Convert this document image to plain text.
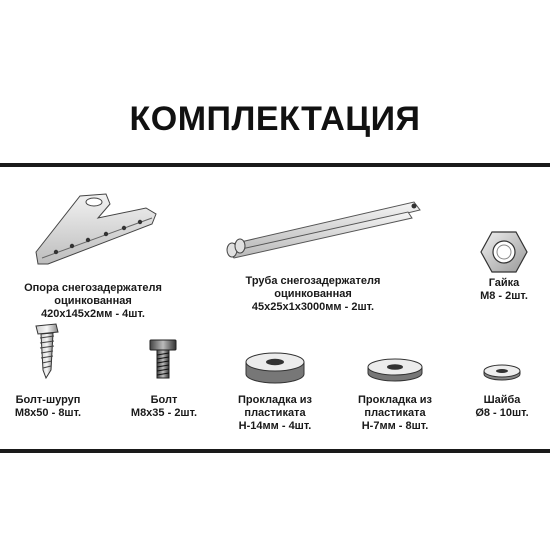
КОМПЛЕКТАЦИЯ
Опора снегозадержателя
оцинкованная
420х145х2мм - 4шт.
Труба снегозадержателя
оцинкованная
45х25х1х3000мм - 2шт.
Гайка
М8 - 2шт.
Болт-шуруп
М8х50 - 8шт.
Болт
М8х35 - 2шт.
Прокладка из
пластиката
Н-14мм - 4шт.
Прокладка из
пластиката
Н-7мм - 8шт.
Шайба
Ø8 - 10шт.
